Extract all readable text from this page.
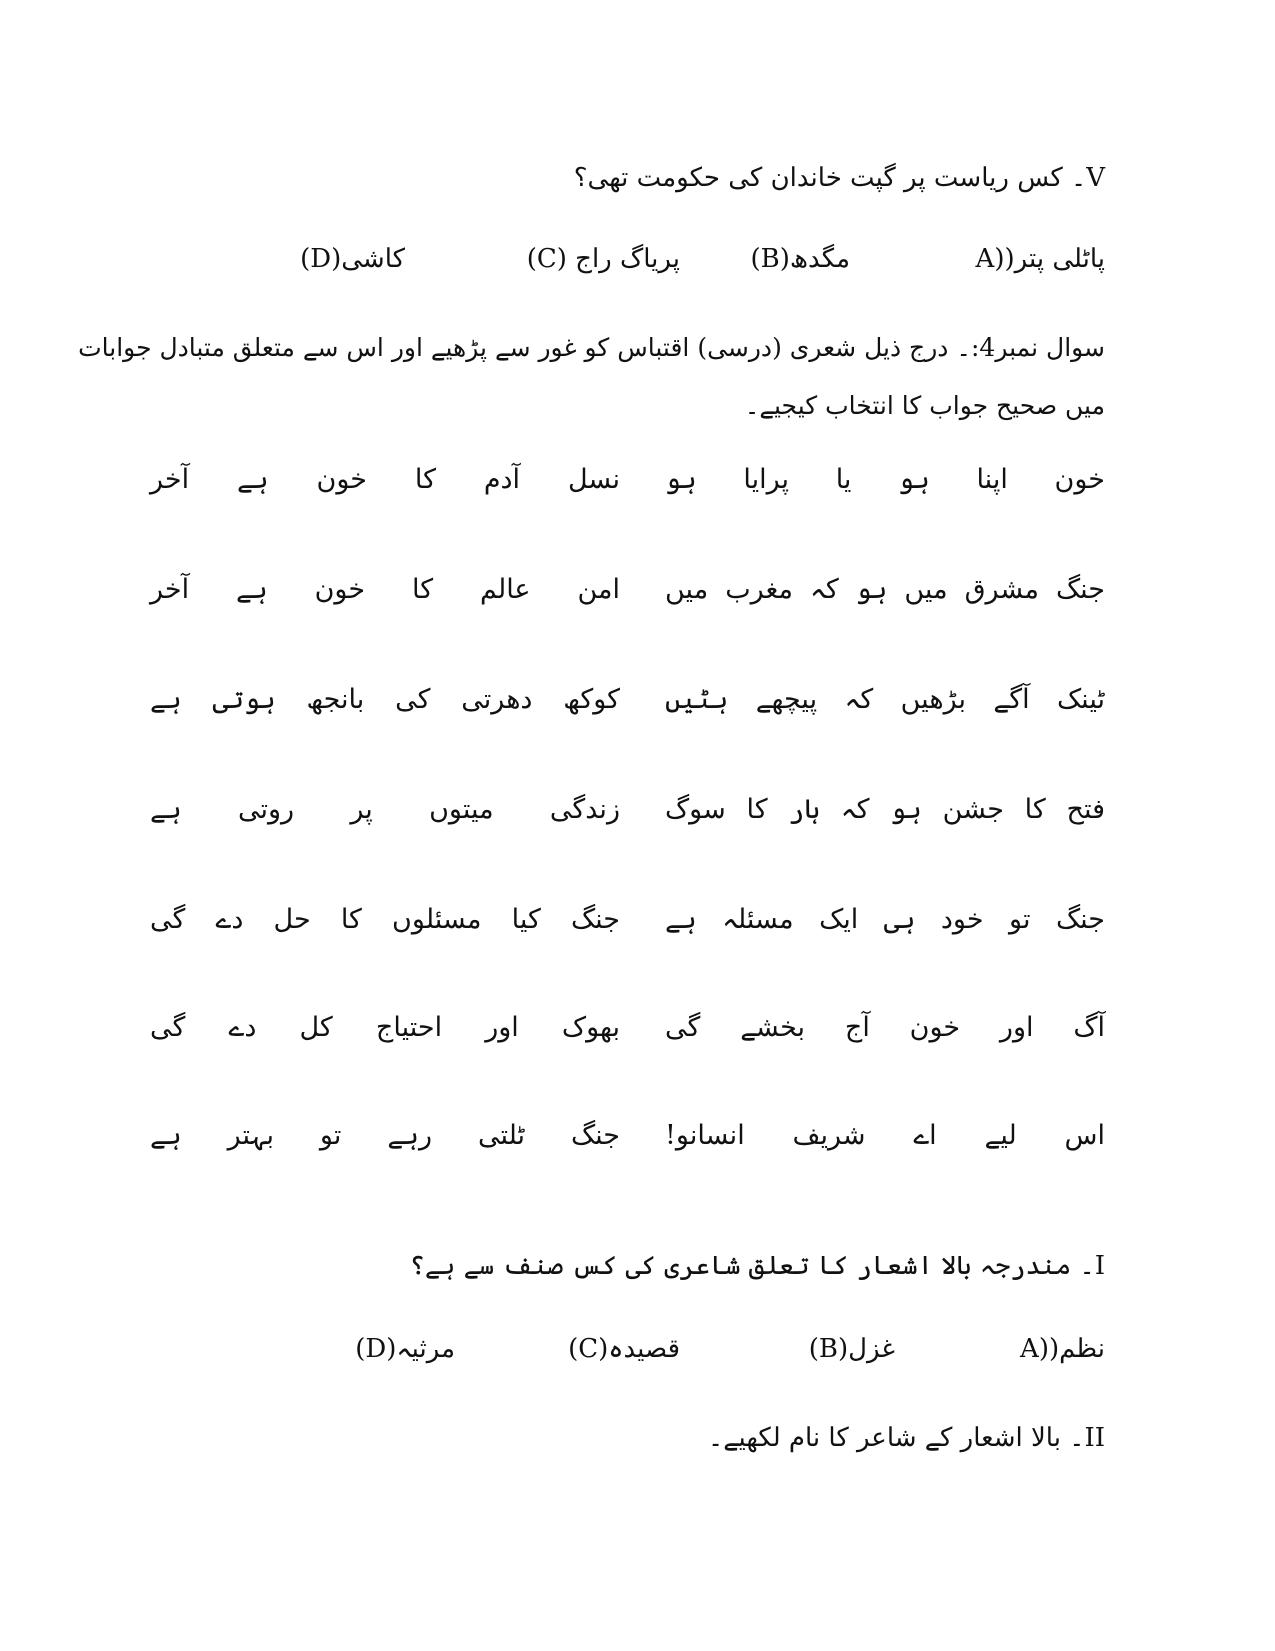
V۔ کس ریاست پر گپت خاندان کی حکومت تھی؟
A))پاٹلی پتر
(B)مگدھ
(C) پریاگ راج
(D)کاشی
سوال نمبر4:۔ درج ذیل شعری (درسی) اقتباس کو غور سے پڑھیے اور اس سے متعلق متبادل جوابات
میں صحیح جواب کا انتخاب کیجیے۔
خون
اپنا
ہو
یا
پرایا
ہو
نسل
آدم
کا
خون
ہے
آخر
جنگ
مشرق
میں
ہو
کہ
مغرب
میں
امن
عالم
کا
خون
ہے
آخر
ٹینک
آگے
بڑھیں
کہ
پیچھے
ہٹیں
کوکھ
دھرتی
کی
بانجھ
ہوتی
ہے
فتح
کا
جشن
ہو
کہ
ہار
کا
سوگ
زندگی
میتوں
پر
روتی
ہے
جنگ
تو
خود
ہی
ایک
مسئلہ
ہے
جنگ
کیا
مسئلوں
کا
حل
دے
گی
آگ
اور
خون
آج
بخشے
گی
بھوک
اور
احتیاج
کل
دے
گی
اس
لیے
اے
شریف
انسانو!
جنگ
ٹلتی
رہے
تو
بہتر
ہے
I۔ مندرجہ بالا اشعار کا تعلق شاعری کی کس صنف سے ہے؟
A))نظم
(B)غزل
(C)قصیدہ
(D)مرثیہ
II۔ بالا اشعار کے شاعر کا نام لکھیے۔
